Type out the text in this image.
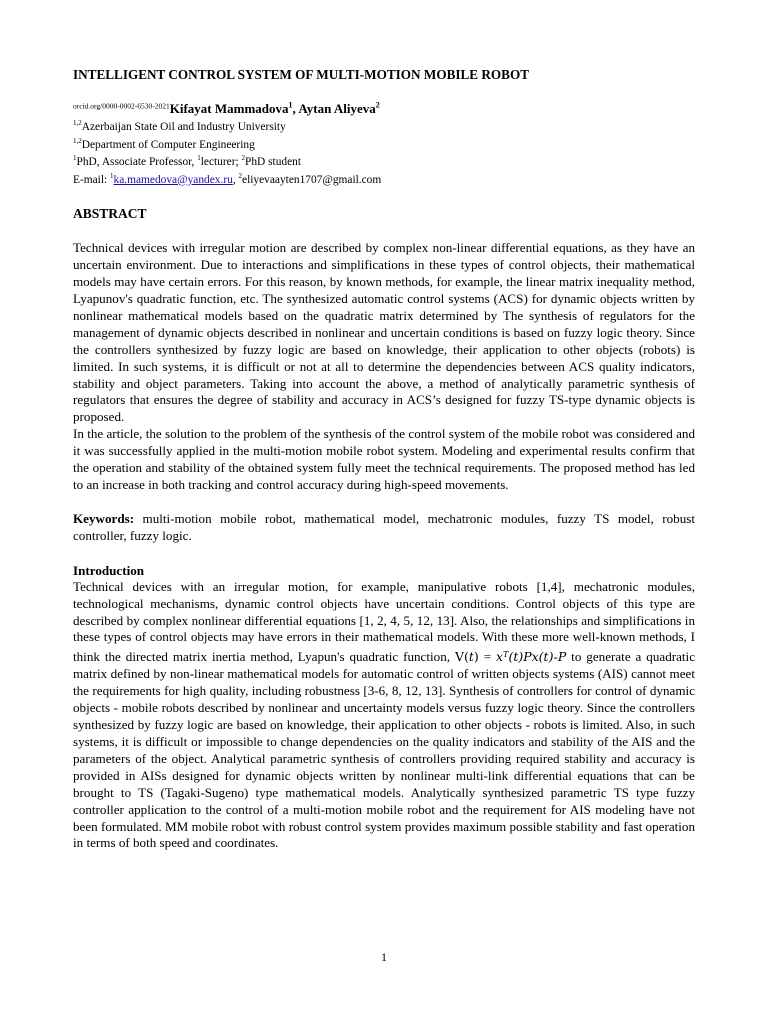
INTELLIGENT CONTROL SYSTEM OF MULTI-MOTION MOBILE ROBOT
$^{orcid.org/0000-0002-6530-2021}$Kifayat Mammadova$^1$, Aytan Aliyeva$^2$
$^{1,2}$Azerbaijan State Oil and Industry University
$^{1,2}$Department of Computer Engineering
$^1$PhD, Associate Professor, $^1$lecturer; $^2$PhD student
E-mail: $^1$ka.mamedova@yandex.ru, $^2$eliyevaayten1707@gmail.com
ABSTRACT

Technical devices with irregular motion are described by complex non-linear differential equations, as they have an uncertain environment. Due to interactions and simplifications in these types of control objects, their mathematical models may have certain errors. For this reason, by known methods, for example, the linear matrix inequality method, Lyapunov's quadratic function, etc. The synthesized automatic control systems (ACS) for dynamic objects written by nonlinear mathematical models based on the quadratic matrix determined by The synthesis of regulators for the management of dynamic objects described in nonlinear and uncertain conditions is based on fuzzy logic theory. Since the controllers synthesized by fuzzy logic are based on knowledge, their application to other objects (robots) is limited. In such systems, it is difficult or not at all to determine the dependencies between ACS quality indicators, stability and object parameters. Taking into account the above, a method of analytically parametric synthesis of regulators that ensures the degree of stability and accuracy in ACS’s designed for fuzzy TS-type dynamic objects is proposed.

In the article, the solution to the problem of the synthesis of the control system of the mobile robot was considered and it was successfully applied in the multi-motion mobile robot system. Modeling and experimental results confirm that the operation and stability of the obtained system fully meet the technical requirements. The proposed method has led to an increase in both tracking and control accuracy during high-speed movements.

Keywords: multi-motion mobile robot, mathematical model, mechatronic modules, fuzzy TS model, robust controller, fuzzy logic.

Introduction

Technical devices with an irregular motion, for example, manipulative robots [1,4], mechatronic modules, technological mechanisms, dynamic control objects have uncertain conditions. Control objects of this type are described by complex nonlinear differential equations [1, 2, 4, 5, 12, 13]. Also, the relationships and simplifications in these types of control objects may have errors in their mathematical models. With these more well-known methods, I think the directed matrix inertia method, Lyapun's quadratic function, $V(t) = x^T(t)Px(t)-P$ to generate a quadratic matrix defined by non-linear mathematical models for automatic control of written objects systems (AIS) cannot meet the requirements for high quality, including robustness [3-6, 8, 12, 13]. Synthesis of controllers for control of dynamic objects - mobile robots described by nonlinear and uncertainty models versus fuzzy logic theory. Since the controllers synthesized by fuzzy logic are based on knowledge, their application to other objects - robots is limited. Also, in such systems, it is difficult or impossible to change dependencies on the quality indicators and stability of the AIS and the parameters of the object. Analytical parametric synthesis of controllers providing required stability and accuracy is provided in AISs designed for dynamic objects written by nonlinear multi-link differential equations that can be brought to TS (Tagaki-Sugeno) type mathematical models. Analytically synthesized parametric TS type fuzzy controller application to the control of a multi-motion mobile robot and the requirement for AIS modeling have not been formulated. MM mobile robot with robust control system provides maximum possible stability and fast operation in terms of both speed and coordinates.

1
